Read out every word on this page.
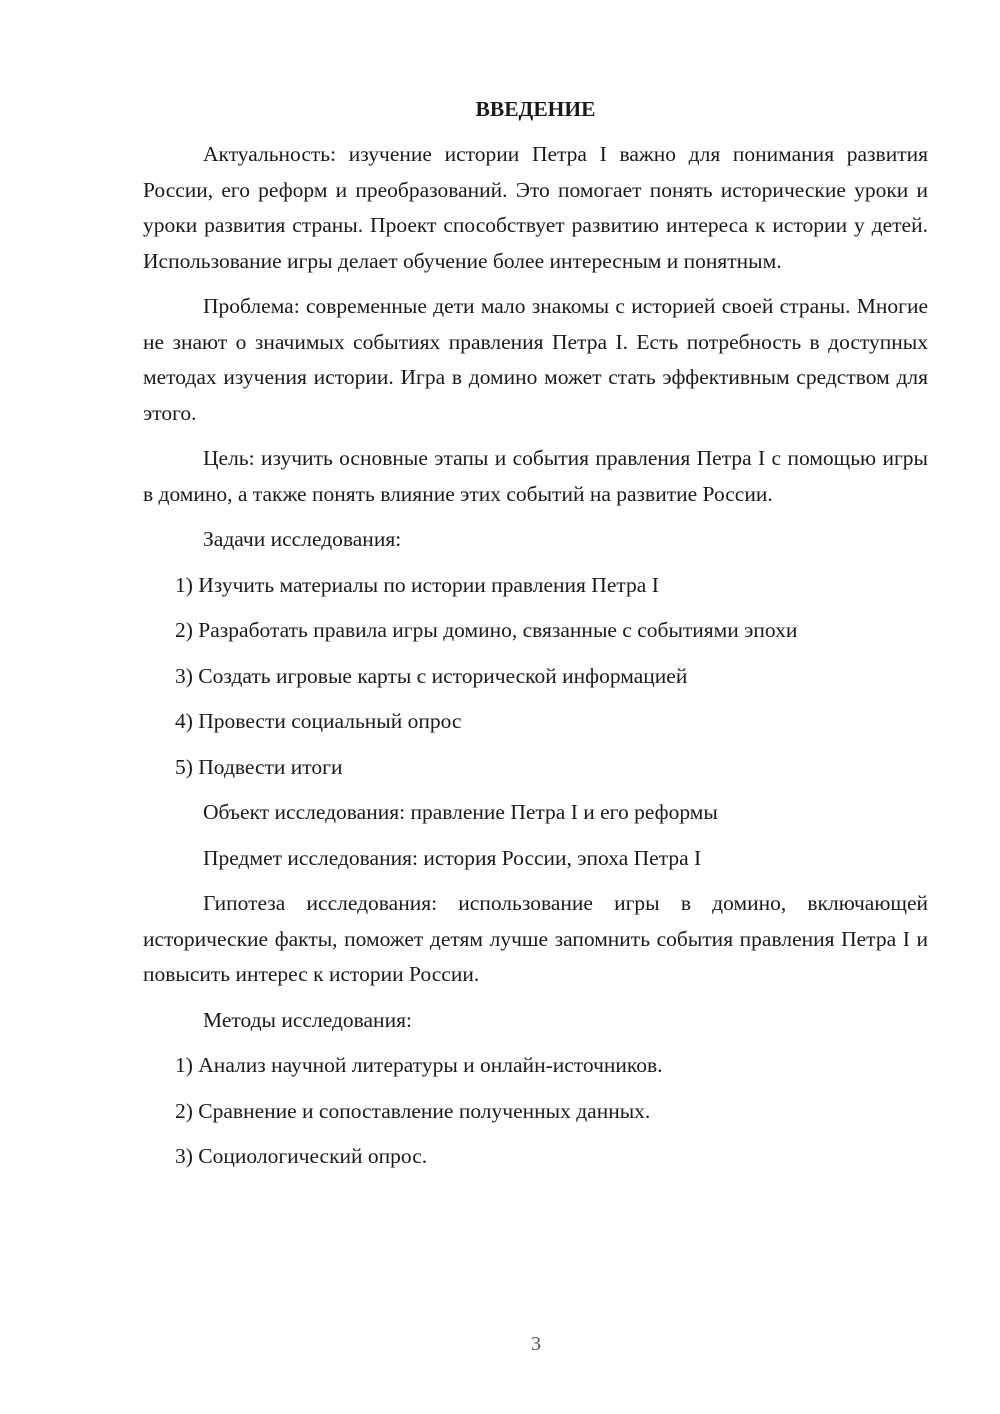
ВВЕДЕНИЕ

Актуальность: изучение истории Петра I важно для понимания развития России, его реформ и преобразований. Это помогает понять исторические уроки и уроки развития страны. Проект способствует развитию интереса к истории у детей. Использование игры делает обучение более интересным и понятным.

Проблема: современные дети мало знакомы с историей своей страны. Многие не знают о значимых событиях правления Петра I. Есть потребность в доступных методах изучения истории. Игра в домино может стать эффективным средством для этого.

Цель: изучить основные этапы и события правления Петра I с помощью игры в домино, а также понять влияние этих событий на развитие России.

Задачи исследования:

1) Изучить материалы по истории правления Петра I

2) Разработать правила игры домино, связанные с событиями эпохи

3) Создать игровые карты с исторической информацией

4) Провести социальный опрос

5) Подвести итоги

Объект исследования: правление Петра I и его реформы

Предмет исследования: история России, эпоха Петра I

Гипотеза исследования: использование игры в домино, включающей исторические факты, поможет детям лучше запомнить события правления Петра I и повысить интерес к истории России.

Методы исследования:

1) Анализ научной литературы и онлайн-источников.

2) Сравнение и сопоставление полученных данных.

3) Социологический опрос.

3
